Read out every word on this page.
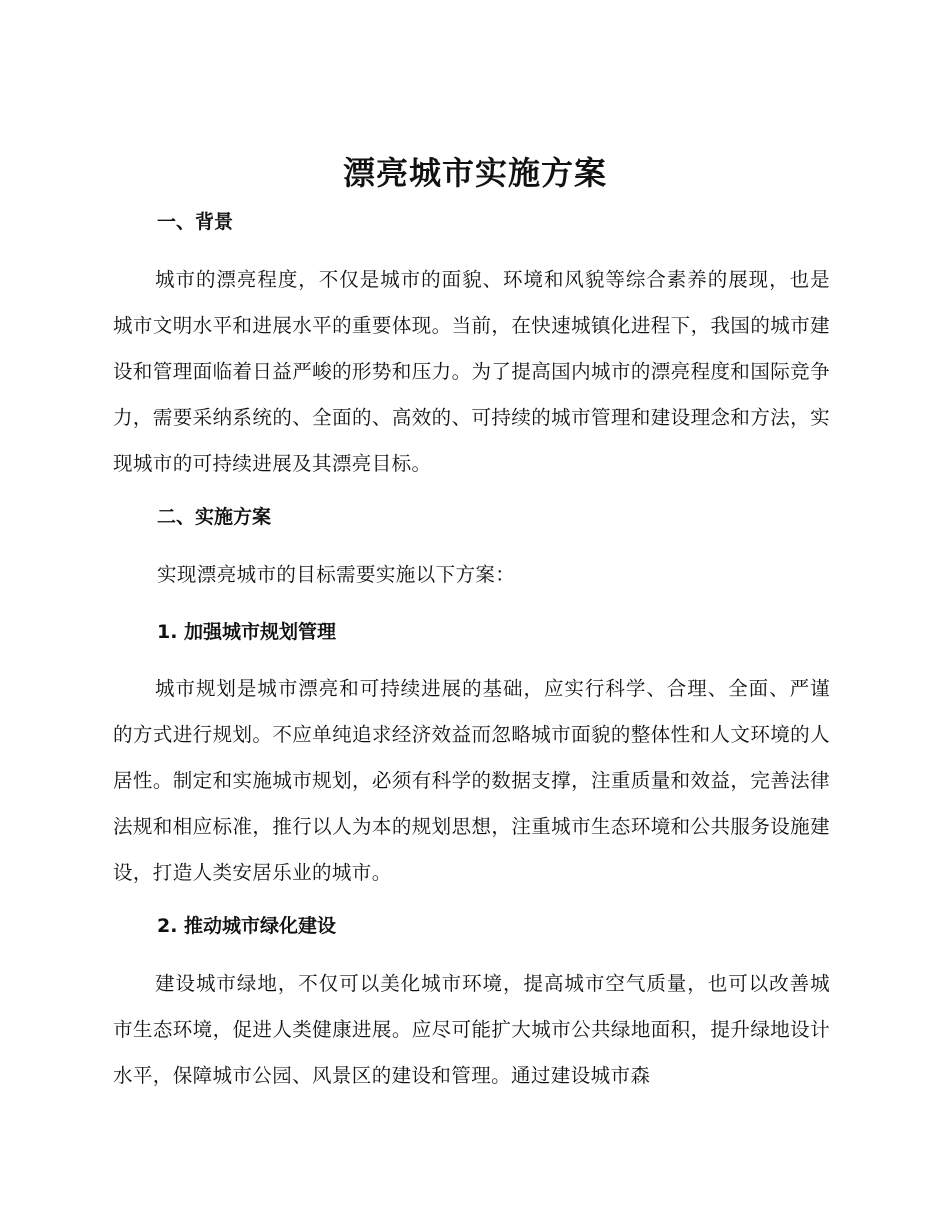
漂亮城市实施方案
一、背景

城市的漂亮程度，不仅是城市的面貌、环境和风貌等综合素养的展现，也是城市文明水平和进展水平的重要体现。当前，在快速城镇化进程下，我国的城市建设和管理面临着日益严峻的形势和压力。为了提高国内城市的漂亮程度和国际竞争力，需要采纳系统的、全面的、高效的、可持续的城市管理和建设理念和方法，实现城市的可持续进展及其漂亮目标。

二、实施方案

实现漂亮城市的目标需要实施以下方案：

1. 加强城市规划管理

城市规划是城市漂亮和可持续进展的基础，应实行科学、合理、全面、严谨的方式进行规划。不应单纯追求经济效益而忽略城市面貌的整体性和人文环境的人居性。制定和实施城市规划，必须有科学的数据支撑，注重质量和效益，完善法律法规和相应标准，推行以人为本的规划思想，注重城市生态环境和公共服务设施建设，打造人类安居乐业的城市。

2. 推动城市绿化建设

建设城市绿地，不仅可以美化城市环境，提高城市空气质量，也可以改善城市生态环境，促进人类健康进展。应尽可能扩大城市公共绿地面积，提升绿地设计水平，保障城市公园、风景区的建设和管理。通过建设城市森
